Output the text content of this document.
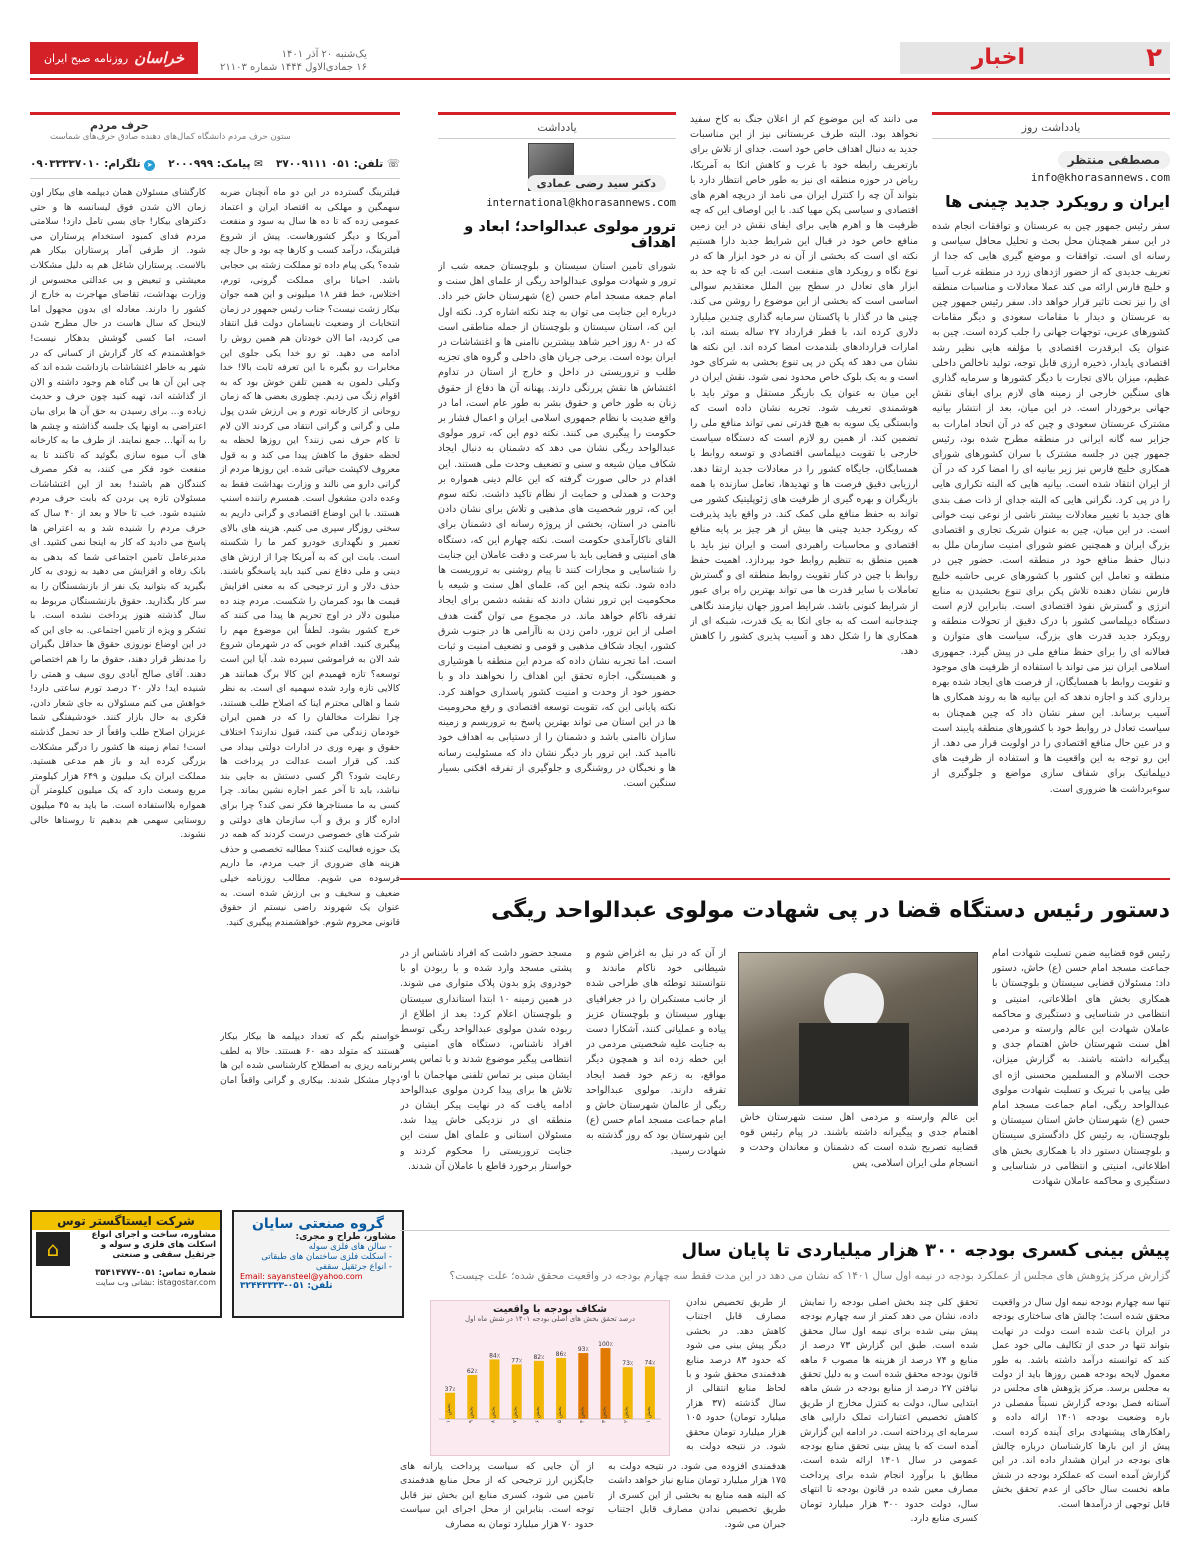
۲
اخبار
یک‌شنبه ۲۰ آذر ۱۴۰۱
۱۶ جمادی‌الاول ۱۴۴۴ شماره ۲۱۱۰۳
خراسان
روزنامه صبح ایران
یادداشت روز
مصطفی منتظر
info@khorasannews.com
ایران و رویکرد جدید چینی ها
سفر رئیس جمهور چین به عربستان و توافقات انجام شده در این سفر همچنان محل بحث و تحلیل محافل سیاسی و رسانه ای است. توافقات و موضع گیری هایی که جدا از تعریف جدیدی که از حضور اژدهای زرد در منطقه غرب آسیا و خلیج فارس ارائه می کند عملا معادلات و مناسبات منطقه ای را نیز تحت تاثیر قرار خواهد داد. سفر رئیس جمهور چین به عربستان و دیدار با مقامات سعودی و دیگر مقامات کشورهای عربی، توجهات جهانی را جلب کرده است. چین به عنوان یک ابرقدرت اقتصادی با مؤلفه هایی نظیر رشد اقتصادی پایدار، ذخیره ارزی قابل توجه، تولید ناخالص داخلی عظیم، میزان بالای تجارت با دیگر کشورها و سرمایه گذاری های سنگین خارجی از زمینه های لازم برای ایفای نقش جهانی برخوردار است. در این میان، بعد از انتشار بیانیه مشترک عربستان سعودی و چین که در آن اتحاد امارات به جزایر سه گانه ایرانی در منطقه مطرح شده بود، رئیس جمهور چین در جلسه مشترک با سران کشورهای شورای همکاری خلیج فارس نیز زیر بیانیه ای را امضا کرد که در آن از ایران انتقاد شده است. بیانیه هایی که البته تکراری هایی را در پی کرد. نگرانی هایی که البته جدای از ذات صف بندی های جدید با تغییر معادلات بیشتر ناشی از نوعی نیت خوانی است. در این میان، چین به عنوان شریک تجاری و اقتصادی بزرگ ایران و همچنین عضو شورای امنیت سازمان ملل به دنبال حفظ منافع خود در منطقه است. حضور چین در منطقه و تعامل این کشور با کشورهای عربی حاشیه خلیج فارس نشان دهنده تلاش پکن برای تنوع بخشیدن به منابع انرژی و گسترش نفوذ اقتصادی است. بنابراین لازم است دستگاه دیپلماسی کشور با درک دقیق از تحولات منطقه و رویکرد جدید قدرت های بزرگ، سیاست های متوازن و فعالانه ای را برای حفظ منافع ملی در پیش گیرد. جمهوری اسلامی ایران نیز می تواند با استفاده از ظرفیت های موجود و تقویت روابط با همسایگان، از فرصت های ایجاد شده بهره برداری کند و اجازه ندهد که این بیانیه ها به روند همکاری ها آسیب برساند. این سفر نشان داد که چین همچنان به سیاست تعادل در روابط خود با کشورهای منطقه پایبند است و در عین حال منافع اقتصادی را در اولویت قرار می دهد. از این رو توجه به این واقعیت ها و استفاده از ظرفیت های دیپلماتیک برای شفاف سازی مواضع و جلوگیری از سوءبرداشت ها ضروری است.
می دانند که این موضوع کم از اعلان جنگ به کاخ سفید نخواهد بود. البته طرف عربستانی نیز از این مناسبات جدید به دنبال اهداف خاص خود است. جدای از تلاش برای بازتعریف رابطه خود با غرب و کاهش اتکا به آمریکا، ریاض در حوزه منطقه ای نیز به طور خاص انتظار دارد با بتواند آن چه را کنترل ایران می نامد از دریچه اهرم های اقتصادی و سیاسی پکن مهیا کند. با این اوصاف این که چه ظرفیت ها و اهرم هایی برای ایفای نقش در این زمین منافع خاص خود در قبال این شرایط جدید دارا هستیم نکته ای است که بخشی از آن نه در خود ابزار ها که در نوع نگاه و رویکرد های منفعت است. این که تا چه حد به ابزار های تعادل در سطح بین الملل معتقدیم سوالی اساسی است که بخشی از این موضوع را روشن می کند. چینی ها در گذار با پاکستان سرمایه گذاری چندین میلیارد دلاری کرده اند، با قطر قرارداد ۲۷ ساله بسته اند، با امارات قراردادهای بلندمدت امضا کرده اند. این نکته ها نشان می دهد که پکن در پی تنوع بخشی به شرکای خود است و به یک بلوک خاص محدود نمی شود. نقش ایران در این میان به عنوان یک بازیگر مستقل و موثر باید با هوشمندی تعریف شود. تجربه نشان داده است که وابستگی یک سویه به هیچ قدرتی نمی تواند منافع ملی را تضمین کند. از همین رو لازم است که دستگاه سیاست خارجی با تقویت دیپلماسی اقتصادی و توسعه روابط با همسایگان، جایگاه کشور را در معادلات جدید ارتقا دهد. ارزیابی دقیق فرصت ها و تهدیدها، تعامل سازنده با همه بازیگران و بهره گیری از ظرفیت های ژئوپلیتیک کشور می تواند به حفظ منافع ملی کمک کند. در واقع باید پذیرفت که رویکرد جدید چینی ها بیش از هر چیز بر پایه منافع اقتصادی و محاسبات راهبردی است و ایران نیز باید با همین منطق به تنظیم روابط خود بپردازد. اهمیت حفظ روابط با چین در کنار تقویت روابط منطقه ای و گسترش تعاملات با سایر قدرت ها می تواند بهترین راه برای عبور از شرایط کنونی باشد. شرایط امروز جهان نیازمند نگاهی چندجانبه است که به جای اتکا به یک قدرت، شبکه ای از همکاری ها را شکل دهد و آسیب پذیری کشور را کاهش دهد.
یادداشت
دکتر سید رضی عمادی
international@khorasannews.com
ترور مولوی عبدالواحد؛ ابعاد و اهداف
شورای تامین استان سیستان و بلوچستان جمعه شب از ترور و شهادت مولوی عبدالواحد ریگی از علمای اهل سنت و امام جمعه مسجد امام حسن (ع) شهرستان خاش خبر داد. درباره این جنایت می توان به چند نکته اشاره کرد. نکته اول این که، استان سیستان و بلوچستان از جمله مناطقی است که در ۸۰ روز اخیر شاهد بیشترین ناامنی ها و اغتشاشات در ایران بوده است. برخی جریان های داخلی و گروه های تجزیه طلب و تروریستی در داخل و خارج از استان در تداوم اغتشاش ها نقش پررنگی دارند. پهنانه آن ها دفاع از حقوق زنان به طور خاص و حقوق بشر به طور عام است، اما در واقع ضدیت با نظام جمهوری اسلامی ایران و اعمال فشار بر حکومت را پیگیری می کنند. نکته دوم این که، ترور مولوی عبدالواحد ریگی نشان می دهد که دشمنان به دنبال ایجاد شکاف میان شیعه و سنی و تضعیف وحدت ملی هستند. این اقدام در حالی صورت گرفته که این عالم دینی همواره بر وحدت و همدلی و حمایت از نظام تاکید داشت. نکته سوم این که، ترور شخصیت های مذهبی و تلاش برای نشان دادن ناامنی در استان، بخشی از پروژه رسانه ای دشمنان برای القای ناکارآمدی حکومت است. نکته چهارم این که، دستگاه های امنیتی و قضایی باید با سرعت و دقت عاملان این جنایت را شناسایی و مجازات کنند تا پیام روشنی به تروریست ها داده شود. نکته پنجم این که، علمای اهل سنت و شیعه با محکومیت این ترور نشان دادند که نقشه دشمن برای ایجاد تفرقه ناکام خواهد ماند. در مجموع می توان گفت هدف اصلی از این ترور، دامن زدن به ناآرامی ها در جنوب شرق کشور، ایجاد شکاف مذهبی و قومی و تضعیف امنیت و ثبات است. اما تجربه نشان داده که مردم این منطقه با هوشیاری و همبستگی، اجازه تحقق این اهداف را نخواهند داد و با حضور خود از وحدت و امنیت کشور پاسداری خواهند کرد. نکته پایانی این که، تقویت توسعه اقتصادی و رفع محرومیت ها در این استان می تواند بهترین پاسخ به تروریسم و زمینه سازان ناامنی باشد و دشمنان را از دستیابی به اهداف خود ناامید کند. این ترور بار دیگر نشان داد که مسئولیت رسانه ها و نخبگان در روشنگری و جلوگیری از تفرقه افکنی بسیار سنگین است.
حرف مردم
ستون حرف مردم دانشگاه کمال‌های دهنده صادق حرف‌های شماست
☏ تلفن: ۰۵۱ ۳۷۰۰۹۱۱۱
✉ پیامک: ۲۰۰۰۹۹۹
➤ تلگرام: ۰۹۰۳۳۳۳۷۰۱۰
کارگشای مسئولان همان دیپلمه های بیکار اون زمان الان شدن فوق لیسانسه ها و حتی دکترهای بیکار! جای بسی تامل دارد! سلامتی مردم فدای کمبود استخدام پرستاران می شود. از طرفی آمار پرستاران بیکار هم بالاست. پرستاران شاغل هم به دلیل مشکلات معیشتی و تبعیض و بی عدالتی محسوس از وزارت بهداشت، تقاضای مهاجرت به خارج از کشور را دارند. معادله ای بدون مجهول اما لاینحل که سال هاست در حال مطرح شدن است، اما کسی گوشش بدهکار نیست! خواهشمندم که کار گزارش از کسانی که در شهر به خاطر اغتشاشات بازداشت شده اند که چی این آن ها بی گناه هم وجود داشته و الان از گذاشته اند، تهیه کنید چون حرف و حدیث زیاده و... برای رسیدن به حق آن ها برای بیان اعتراضی به اونها یک جلسه گذاشته و چشم ها را به آنها... جمع نمایند. از طرف ما به کارخانه های آب میوه سازی بگوئید که تاکنند تا به منفعت خود فکر می کنند، به فکر مصرف کنندگان هم باشند! بعد از این اغتشاشات مسئولان تازه پی بردن که بابت حرف مردم شنیده شود. خب تا حالا و بعد از ۴۰ سال که حرف مردم را شنیده شد و به اعتراض ها پاسخ می دادید که کار به اینجا نمی کشید. ای مدیرعامل تامین اجتماعی شما که بدهی به بانک رفاه و افزایش می دهید به زودی به کار بگیرید که بتوانید یک نفر از بازنشستگان را به سر کار بگذارید. حقوق بازنشستگان مربوط به سال گذشته هنوز پرداخت نشده است. با تشکر و ویژه از تامین اجتماعی. به جای این که در این اوضاع نوروزی حقوق ها حداقل بگیران را مدنظر قرار دهند، حقوق ما را هم اختصاص دهند. آقای صالح آبادی روی سیف و همتی را شنیده اید! دلار ۲۰ درصد تورم ساعتی دارد! خواهش می کنم مسئولان به جای شعار دادن، فکری به حال بازار کنند. خودشیفتگی شما عزیزان اصلاح طلب واقعاً از حد تحمل گذشته است! تمام زمینه ها کشور را درگیر مشکلات بزرگی کرده اید و باز هم مدعی هستید. مملکت ایران یک میلیون و ۶۴۹ هزار کیلومتر مربع وسعت دارد که یک میلیون کیلومتر آن همواره بلااستفاده است. ما باید به ۴۵ میلیون روستایی سهمی هم بدهیم تا روستاها خالی نشوند.
فیلترینگ گسترده در این دو ماه آنچنان ضربه سهمگین و مهلکی به اقتصاد ایران و اعتماد عمومی زده که تا ده ها سال به سود و منفعت آمریکا و دیگر کشورهاست. پیش از شروع فیلترینگ، درآمد کسب و کارها چه بود و حال چه شده؟ یکی پیام داده تو مملکت زشته بی حجابی باشد. احیانا برای مملکت گرونی، تورم، اختلاس، خط فقر ۱۸ میلیونی و این همه جوان بیکار زشت نیست؟ جناب رئیس جمهور در زمان انتخابات از وضعیت نابسامان دولت قبل انتقاد می کردید، اما الان خودتان هم همین روش را ادامه می دهید. تو رو خدا یکی جلوی این مخابرات رو بگیره با این تعرفه ثابت بالا! خدا وکیلی دلمون به همین تلفن خوش بود که به اقوام زنگ می زدیم. چطوری بعضی ها که زمان روحانی از کارخانه تورم و بی ارزش شدن پول ملی و گرانی و گرانی انتقاد می کردند الان لام تا کام حرف نمی زنند؟ این روزها لحظه به لحظه حقوق ما کاهش پیدا می کند و به قول معروف لاکپشت حیاتی شده. این روزها مردم از گرانی دارو می نالند و وزارت بهداشت فقط به وعده دادن مشغول است. همسرم راننده اسنپ هستند. با این اوضاع اقتصادی و گرانی داریم به سختی روزگار سپری می کنیم. هزینه های بالای تعمیر و نگهداری خودرو کمر ما را شکسته است. بابت این که به آمریکا چرا از ارزش های دینی و ملی دفاع نمی کنید باید پاسخگو باشند. حذف دلار و ارز ترجیحی که به معنی افزایش قیمت ها بود کمرمان را شکست. مردم چند ده میلیون دلار در اوج تحریم ها پیدا می کنند که خرج کشور بشود. لطفاً این موضوع مهم را پیگیری کنید. اقدام خوبی که در شهرمان شروع شد الان به فراموشی سپرده شد. آیا این است توسعه؟ تازه فهمیدم این کالا برگ همانند هر کالایی تازه وارد شده سهمیه ای است. به نظر شما و اهالی محترم اینا که اصلاح طلب هستند، چرا نظرات مخالفان را که در همین ایران خودمان زندگی می کنند، قبول ندارند؟ اختلاف حقوق و بهره وری در ادارات دولتی بیداد می کند. کی قرار است عدالت در پرداخت ها رعایت شود؟ اگر کسی دستش به جایی بند نباشد، باید تا آخر عمر اجاره نشین بماند. چرا کسی به ما مستاجرها فکر نمی کند؟ چرا برای اداره گاز و برق و آب سازمان های دولتی و شرکت های خصوصی درست کردند که همه در یک حوزه فعالیت کنند؟ مطالبه تخصصی و حذف هزینه های ضروری از جیب مردم، ما داریم فرسوده می شویم. مطالب روزنامه خیلی ضعیف و سخیف و بی ارزش شده است. به عنوان یک شهروند راضی نیستم از حقوق قانونی محروم شوم. خواهشمندم پیگیری کنید.
خواستم بگم که تعداد دیپلمه ها بیکار بیکار هستند که متولد دهه ۶۰ هستند. حالا به لطف برنامه ریزی به اصطلاح کارشناسی شده این ها دچار مشکل شدند. بیکاری و گرانی واقعاً امان
گروه صنعتی سایان
مشاور، طراح و مجری:
- سالن های فلزی سوله
- اسکلت فلزی ساختمان های طبقاتی
- انواع جرثقیل سقفی
Email: sayansteel@yahoo.com
تلفن: ۰۵۱-۳۲۴۴۳۳۳۳
شرکت ایستاگستر توس
مشاوره، ساخت و اجرای انواع
اسکلت های فلزی و سوله و
جرثقیل سقفی و صنعتی
⌂
شماره تماس: ۰۵۱-۳۵۴۱۴۷۷۷
istagostar.com :نشانی وب سایت
دستور رئیس دستگاه قضا در پی شهادت مولوی عبدالواحد ریگی
رئیس قوه قضاییه ضمن تسلیت شهادت امام جماعت مسجد امام حسن (ع) خاش، دستور داد: مسئولان قضایی سیستان و بلوچستان با همکاری بخش های اطلاعاتی، امنیتی و انتظامی در شناسایی و دستگیری و محاکمه عاملان شهادت این عالم وارسته و مردمی اهل سنت شهرستان خاش اهتمام جدی و پیگیرانه داشته باشند. به گزارش میزان، حجت الاسلام و المسلمین محسنی اژه ای طی پیامی با تبریک و تسلیت شهادت مولوی عبدالواحد ریگی، امام جماعت مسجد امام حسن (ع) شهرستان خاش استان سیستان و بلوچستان، به رئیس کل دادگستری سیستان و بلوچستان دستور داد با همکاری بخش های اطلاعاتی، امنیتی و انتظامی در شناسایی و دستگیری و محاکمه عاملان شهادت
این عالم وارسته و مردمی اهل سنت شهرستان خاش اهتمام جدی و پیگیرانه داشته باشند. در پیام رئیس قوه قضاییه تصریح شده است که دشمنان و معاندان وحدت و انسجام ملی ایران اسلامی، پس
از آن که در نیل به اغراض شوم و شیطانی خود ناکام ماندند و نتوانستند توطئه های طراحی شده از جانب مستکبران را در جغرافیای بهناور سیستان و بلوچستان عزیز پیاده و عملیاتی کنند، آشکارا دست به جنایت علیه شخصیتی مردمی در این خطه زده اند و همچون دیگر مواقع، به زعم خود قصد ایجاد تفرقه دارند. مولوی عبدالواحد ریگی از عالمان شهرستان خاش و امام جماعت مسجد امام حسن (ع) این شهرستان بود که روز گذشته به شهادت رسید.
مسجد حضور داشت که افراد ناشناس از در پشتی مسجد وارد شده و با ربودن او با خودروی پژو بدون پلاک متواری می شوند. در همین زمینه ۱۰ ابتدا استانداری سیستان و بلوچستان اعلام کرد: بعد از اطلاع از ربوده شدن مولوی عبدالواحد ریگی توسط افراد ناشناس، دستگاه های امنیتی و انتظامی پیگیر موضوع شدند و با تماس پسر ایشان مبنی بر تماس تلفنی مهاجمان با او، تلاش ها برای پیدا کردن مولوی عبدالواحد ادامه یافت که در نهایت پیکر ایشان در منطقه ای در نزدیکی خاش پیدا شد. مسئولان استانی و علمای اهل سنت این جنایت تروریستی را محکوم کردند و خواستار برخورد قاطع با عاملان آن شدند.
پیش بینی کسری بودجه ۳۰۰ هزار میلیاردی تا پایان سال
گزارش مرکز پژوهش های مجلس از عملکرد بودجه در نیمه اول سال ۱۴۰۱ که نشان می دهد در این مدت فقط سه چهارم بودجه در واقعیت محقق شده؛ علت چیست؟
تنها سه چهارم بودجه نیمه اول سال در واقعیت محقق شده است؛ چالش های ساختاری بودجه در ایران باعث شده است دولت در نهایت بتواند تنها در حدی از تکالیف مالی خود عمل کند که توانسته درآمد داشته باشد. به طور معمول لایحه بودجه همین روزها باید از دولت به مجلس برسد. مرکز پژوهش های مجلس در آستانه فصل بودجه گزارش نسبتاً مفصلی در باره وضعیت بودجه ۱۴۰۱ ارائه داده و راهکارهای پیشنهادی برای آینده کرده است. پیش از این بارها کارشناسان درباره چالش های بودجه در ایران هشدار داده اند. در این گزارش آمده است که عملکرد بودجه در شش ماهه نخست سال حاکی از عدم تحقق بخش قابل توجهی از درآمدها است.
تحقق کلی چند بخش اصلی بودجه را نمایش داده، نشان می دهد کمتر از سه چهارم بودجه پیش بینی شده برای نیمه اول سال محقق شده است. طبق این گزارش ۷۳ درصد از منابع و ۷۴ درصد از هزینه ها مصوب ۶ ماهه قانون بودجه محقق شده است و به دلیل تحقق نیافتن ۲۷ درصد از منابع بودجه در شش ماهه ابتدایی سال، دولت به کنترل مخارج از طریق کاهش تخصیص اعتبارات تملک دارایی های سرمایه ای پرداخته است. در ادامه این گزارش آمده است که با پیش بینی تحقق منابع بودجه عمومی در سال ۱۴۰۱ ارائه شده است. مطابق با برآورد انجام شده برای پرداخت مصارف معین شده در قانون بودجه تا انتهای سال، دولت حدود ۳۰۰ هزار میلیارد تومان کسری منابع دارد.
از طریق تخصیص ندادن مصارف قابل اجتناب کاهش دهد. در بخشی دیگر پیش بینی می شود که حدود ۸۳ درصد منابع هدفمندی محقق شود و با لحاظ منابع انتقالی از سال گذشته (۳۷ هزار میلیارد تومان) حدود ۱۰۵ هزار میلیارد تومان محقق شود. در نتیجه دولت به
هدفمندی افزوده می شود. در نتیجه دولت به ۱۷۵ هزار میلیارد تومان منابع نیاز خواهد داشت که البته همه منابع به بخشی از این کسری از طریق تخصیص ندادن مصارف قابل اجتناب جبران می شود.
از آن جایی که سیاست پرداخت یارانه های جایگزین ارز ترجیحی که از محل منابع هدفمندی تامین می شود، کسری منابع این بخش نیز قابل توجه است. بنابراین از محل اجرای این سیاست حدود ۷۰ هزار میلیارد تومان به مصارف
شکاف بودجه با واقعیت
درصد تحقق بخش های اصلی بودجه ۱۴۰۱ در شش ماه اول
74٪
بخش ۱
73٪
بخش ۲
100٪
بخش ۳
93٪
بخش ۴
86٪
بخش ۵
82٪
بخش ۶
77٪
بخش ۷
84٪
بخش ۸
62٪
بخش ۹
37٪
بخش ۱۰
